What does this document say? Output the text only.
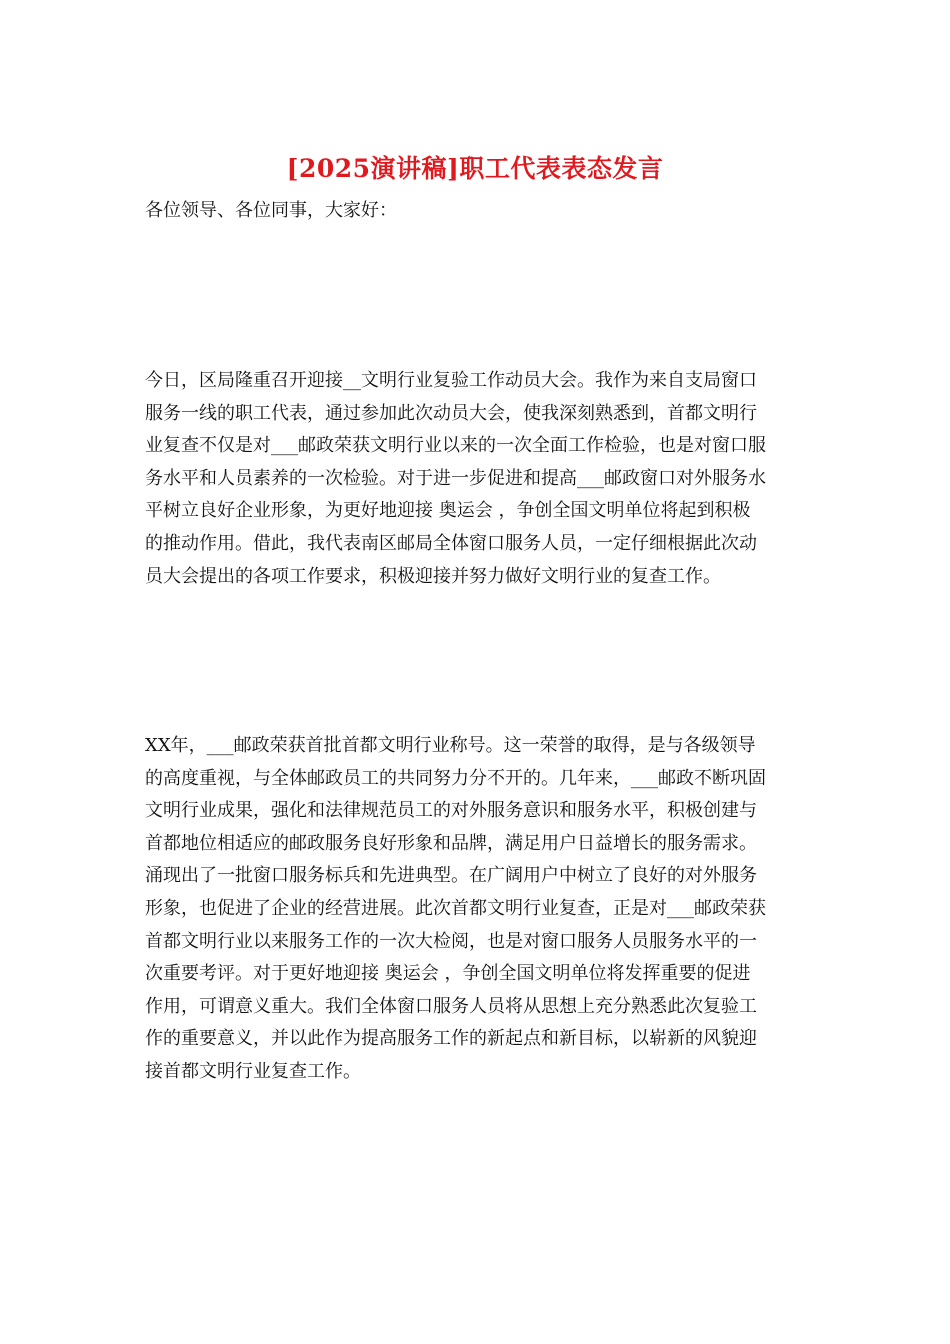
[2025演讲稿]职工代表表态发言
各位领导、各位同事，大家好：
今日，区局隆重召开迎接__文明行业复验工作动员大会。我作为来自支局窗口
服务一线的职工代表，通过参加此次动员大会，使我深刻熟悉到，首都文明行
业复查不仅是对___邮政荣获文明行业以来的一次全面工作检验，也是对窗口服
务水平和人员素养的一次检验。对于进一步促进和提高___邮政窗口对外服务水
平树立良好企业形象，为更好地迎接 奥运会 ，争创全国文明单位将起到积极
的推动作用。借此，我代表南区邮局全体窗口服务人员，一定仔细根据此次动
员大会提出的各项工作要求，积极迎接并努力做好文明行业的复查工作。
XX年，___邮政荣获首批首都文明行业称号。这一荣誉的取得，是与各级领导
的高度重视，与全体邮政员工的共同努力分不开的。几年来，___邮政不断巩固
文明行业成果，强化和法律规范员工的对外服务意识和服务水平，积极创建与
首都地位相适应的邮政服务良好形象和品牌，满足用户日益增长的服务需求。
涌现出了一批窗口服务标兵和先进典型。在广阔用户中树立了良好的对外服务
形象，也促进了企业的经营进展。此次首都文明行业复查，正是对___邮政荣获
首都文明行业以来服务工作的一次大检阅，也是对窗口服务人员服务水平的一
次重要考评。对于更好地迎接 奥运会 ，争创全国文明单位将发挥重要的促进
作用，可谓意义重大。我们全体窗口服务人员将从思想上充分熟悉此次复验工
作的重要意义，并以此作为提高服务工作的新起点和新目标，以崭新的风貌迎
接首都文明行业复查工作。
